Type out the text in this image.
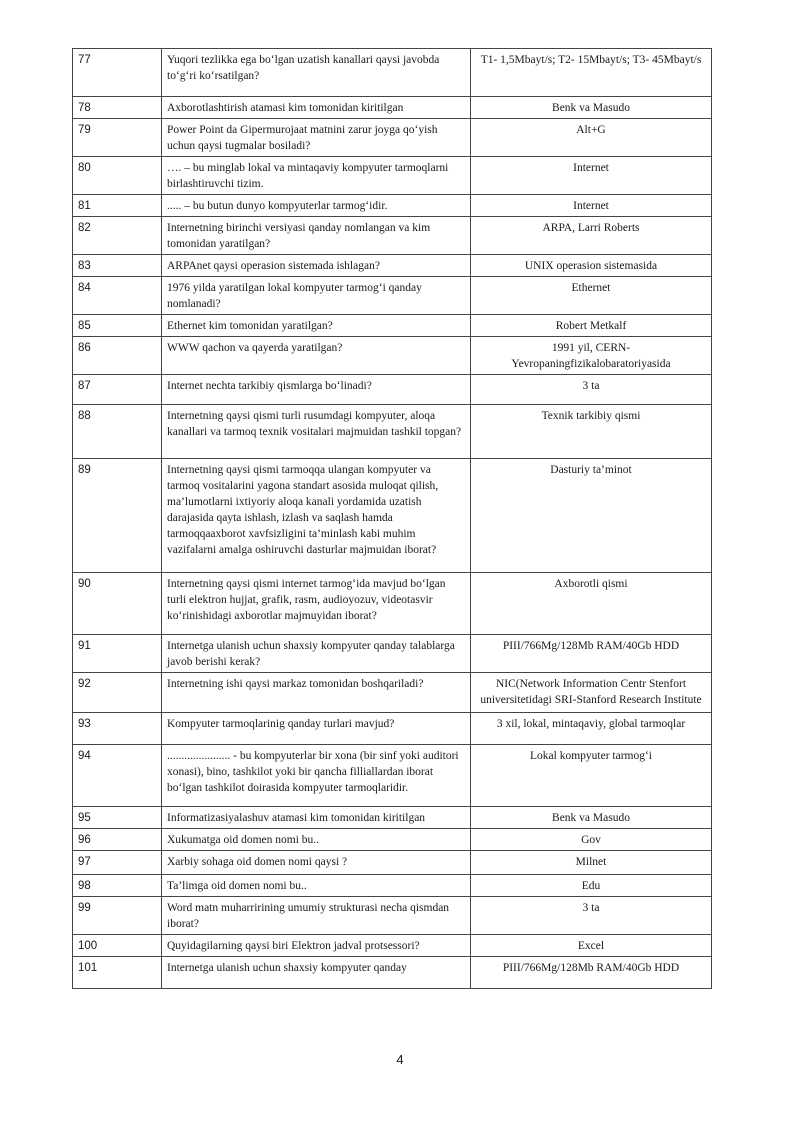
77	Yuqori tezlikka ega bo‘lgan uzatish kanallari qaysi javobda to‘g‘ri ko‘rsatilgan?	T1- 1,5Mbayt/s; T2- 15Mbayt/s; T3- 45Mbayt/s
78	Axborotlashtirish atamasi kim tomonidan kiritilgan	Benk va Masudo
79	Power Point da Gipermurojaat matnini zarur joyga qo‘yish uchun qaysi tugmalar bosiladi?	Alt+G
80	…. – bu minglab lokal va mintaqaviy kompyuter tarmoqlarni birlashtiruvchi tizim.	Internet
81	..... – bu butun dunyo kompyuterlar tarmog‘idir.	Internet
82	Internetning birinchi versiyasi qanday nomlangan va kim tomonidan yaratilgan?	ARPA, Larri Roberts
83	ARPAnet qaysi operasion sistemada ishlagan?	UNIX operasion sistemasida
84	1976 yilda yaratilgan lokal kompyuter tarmog‘i qanday nomlanadi?	Ethernet
85	Ethernet kim tomonidan yaratilgan?	Robert Metkalf
86	WWW qachon va qayerda yaratilgan?	1991 yil, CERN-Yevropaningfizikalobaratoriyasida
87	Internet nechta tarkibiy qismlarga bo‘linadi?	3 ta
88	Internetning qaysi qismi turli rusumdagi kompyuter, aloqa kanallari va tarmoq texnik vositalari majmuidan tashkil topgan?	Texnik tarkibiy qismi
89	Internetning qaysi qismi tarmoqqa ulangan kompyuter va tarmoq vositalarini yagona standart asosida muloqat qilish, ma’lumotlarni ixtiyoriy aloqa kanali yordamida uzatish darajasida qayta ishlash, izlash va saqlash hamda tarmoqqaaxborot xavfsizligini ta’minlash kabi muhim vazifalarni amalga oshiruvchi dasturlar majmuidan iborat?	Dasturiy ta’minot
90	Internetning qaysi qismi internet tarmog‘ida mavjud bo‘lgan turli elektron hujjat, grafik, rasm, audioyozuv, videotasvir ko‘rinishidagi axborotlar majmuyidan iborat?	Axborotli qismi
91	Internetga ulanish uchun shaxsiy kompyuter qanday talablarga javob berishi kerak?	PIII/766Mg/128Mb RAM/40Gb HDD
92	Internetning ishi qaysi markaz tomonidan boshqariladi?	NIC(Network Information Centr Stenfort universitetidagi SRI-Stanford Research Institute
93	Kompyuter tarmoqlarinig qanday turlari mavjud?	3 xil, lokal, mintaqaviy, global tarmoqlar
94	...................... - bu kompyuterlar bir xona (bir sinf yoki auditori xonasi), bino, tashkilot yoki bir qancha filliallardan iborat bo‘lgan tashkilot doirasida kompyuter tarmoqlaridir.	Lokal kompyuter tarmog‘i
95	Informatizasiyalashuv atamasi kim tomonidan kiritilgan	Benk va Masudo
96	Xukumatga oid domen nomi bu..	Gov
97	Xarbiy sohaga oid domen nomi qaysi ?	Milnet
98	Ta’limga oid domen nomi bu..	Edu
99	Word matn muharririning umumiy strukturasi necha qismdan iborat?	3 ta
100	Quyidagilarning qaysi biri Elektron jadval protsessori?	Excel
101	Internetga ulanish uchun shaxsiy kompyuter qanday	PIII/766Mg/128Mb RAM/40Gb HDD
4
